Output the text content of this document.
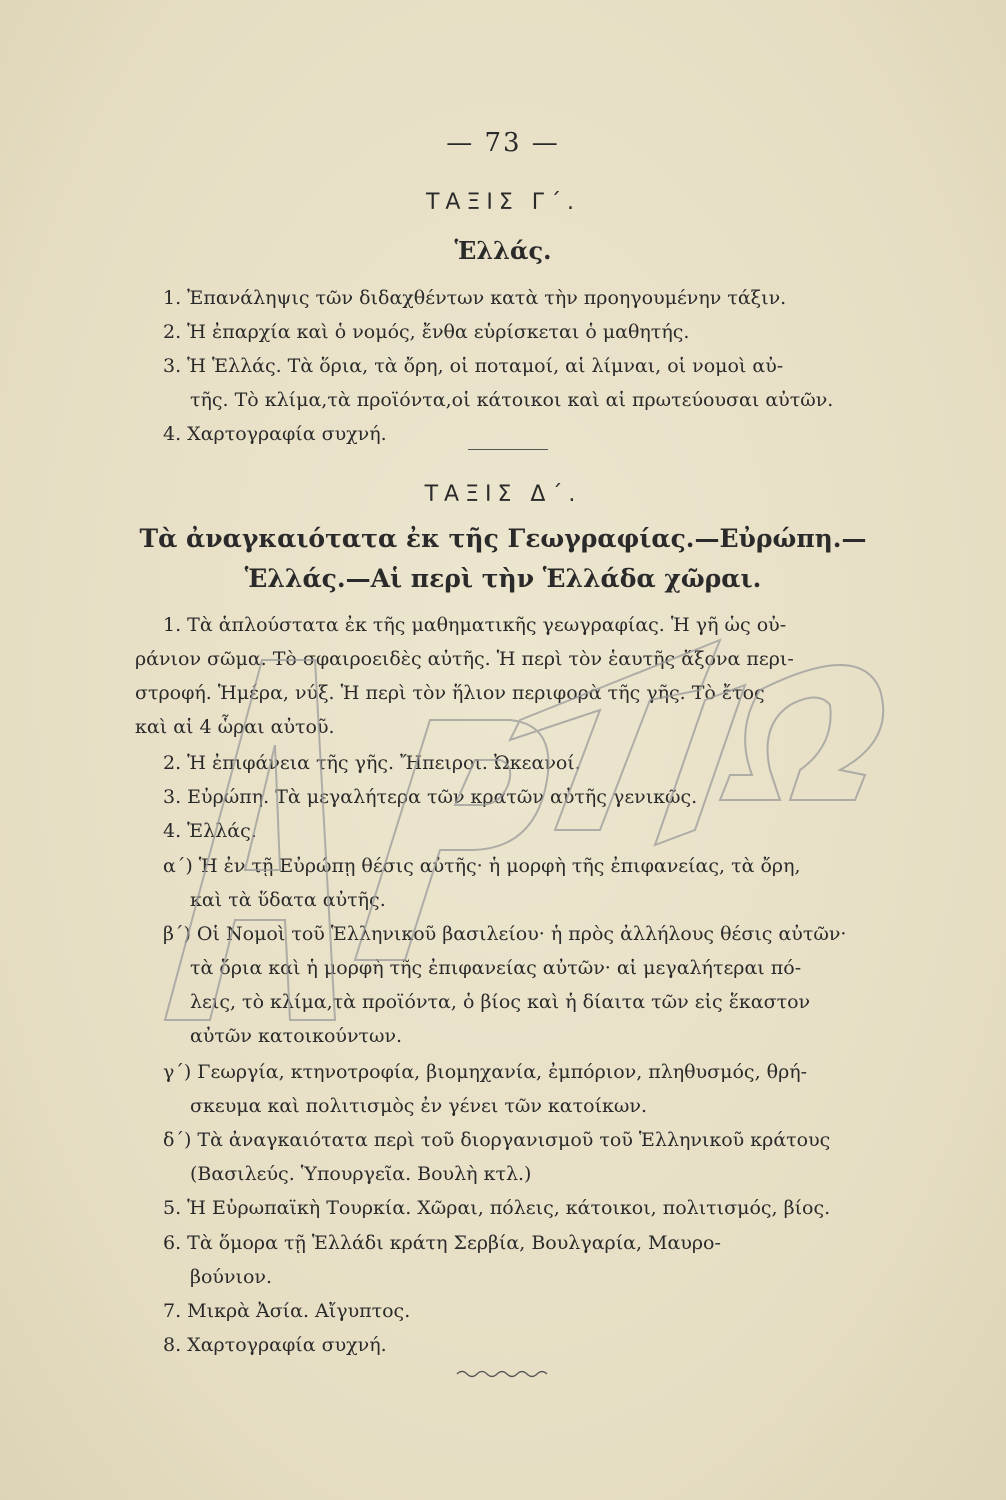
— 73 —
ΤΑΞΙΣ Γ΄.
Ἑλλάς.
1. Ἐπανάληψις τῶν διδαχθέντων κατὰ τὴν προηγουμένην τάξιν.
2. Ἡ ἐπαρχία καὶ ὁ νομός, ἔνθα εὑρίσκεται ὁ μαθητής.
3. Ἡ Ἑλλάς. Τὰ ὅρια, τὰ ὄρη, οἱ ποταμοί, αἱ λίμναι, οἱ νομοὶ αὐ-
τῆς. Τὸ κλίμα,τὰ προϊόντα,οἱ κάτοικοι καὶ αἱ πρωτεύουσαι αὐτῶν.
4. Χαρτογραφία συχνή.
ΤΑΞΙΣ Δ΄.
Τὰ ἀναγκαιότατα ἐκ τῆς Γεωγραφίας.—Εὐρώπη.—
Ἑλλάς.—Αἱ περὶ τὴν Ἑλλάδα χῶραι.
1. Τὰ ἁπλούστατα ἐκ τῆς μαθηματικῆς γεωγραφίας. Ἡ γῆ ὡς οὐ-
ράνιον σῶμα. Τὸ σφαιροειδὲς αὐτῆς. Ἡ περὶ τὸν ἑαυτῆς ἄξονα περι-
στροφή. Ἡμέρα, νύξ. Ἡ περὶ τὸν ἥλιον περιφορὰ τῆς γῆς. Τὸ ἔτος
καὶ αἱ 4 ὧραι αὐτοῦ.
2. Ἡ ἐπιφάνεια τῆς γῆς. Ἤπειροι. Ὠκεανοί.
3. Εὐρώπη. Τὰ μεγαλήτερα τῶν κρατῶν αὐτῆς γενικῶς.
4. Ἑλλάς.
α΄) Ἡ ἐν τῇ Εὐρώπῃ θέσις αὐτῆς· ἡ μορφὴ τῆς ἐπιφανείας, τὰ ὄρη,
καὶ τὰ ὕδατα αὐτῆς.
β΄) Οἱ Νομοὶ τοῦ Ἑλληνικοῦ βασιλείου· ἡ πρὸς ἀλλήλους θέσις αὐτῶν·
τὰ ὅρια καὶ ἡ μορφὴ τῆς ἐπιφανείας αὐτῶν· αἱ μεγαλήτεραι πό-
λεις, τὸ κλίμα,τὰ προϊόντα, ὁ βίος καὶ ἡ δίαιτα τῶν εἰς ἕκαστον
αὐτῶν κατοικούντων.
γ΄) Γεωργία, κτηνοτροφία, βιομηχανία, ἐμπόριον, πληθυσμός, θρή-
σκευμα καὶ πολιτισμὸς ἐν γένει τῶν κατοίκων.
δ΄) Τὰ ἀναγκαιότατα περὶ τοῦ διοργανισμοῦ τοῦ Ἑλληνικοῦ κράτους
(Βασιλεύς. Ὑπουργεῖα. Βουλὴ κτλ.)
5. Ἡ Εὐρωπαϊκὴ Τουρκία. Χῶραι, πόλεις, κάτοικοι, πολιτισμός, βίος.
6. Τὰ ὅμορα τῇ Ἑλλάδι κράτη Σερβία, Βουλγαρία, Μαυρο-
βούνιον.
7. Μικρὰ Ἀσία. Αἴγυπτος.
8. Χαρτογραφία συχνή.
